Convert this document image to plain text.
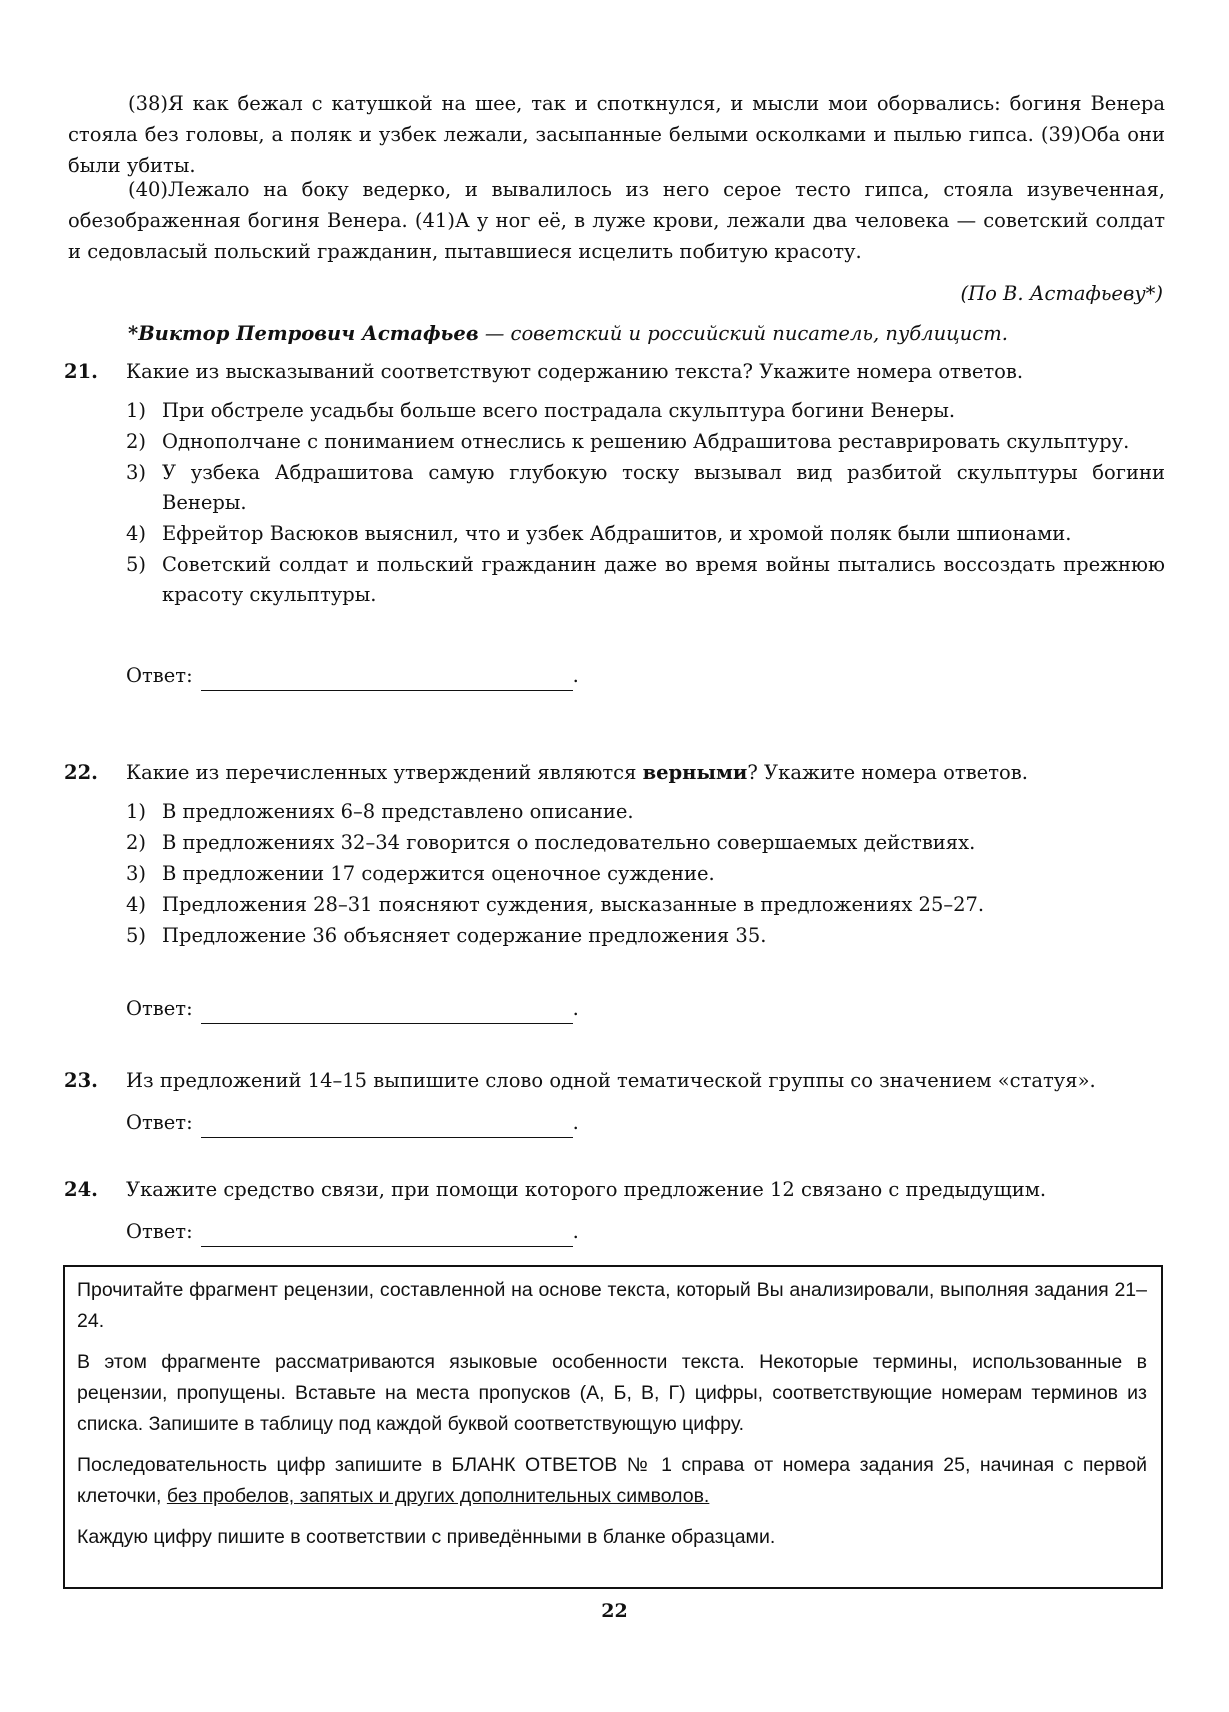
(38)Я как бежал с катушкой на шее, так и споткнулся, и мысли мои оборвались: богиня Венера стояла без головы, а поляк и узбек лежали, засыпанные белыми осколками и пылью гипса. (39)Оба они были убиты.

(40)Лежало на боку ведерко, и вывалилось из него серое тесто гипса, стояла изувеченная, обезображенная богиня Венера. (41)А у ног её, в луже крови, лежали два человека — советский солдат и седовласый польский гражданин, пытавшиеся исцелить побитую красоту.

(По В. Астафьеву*)
*Виктор Петрович Астафьев — советский и российский писатель, публицист.
21. Какие из высказываний соответствуют содержанию текста? Укажите номера ответов.
1) При обстреле усадьбы больше всего пострадала скульптура богини Венеры.
2) Однополчане с пониманием отнеслись к решению Абдрашитова реставрировать скульптуру.
3) У узбека Абдрашитова самую глубокую тоску вызывал вид разбитой скульптуры богини Венеры.
4) Ефрейтор Васюков выяснил, что и узбек Абдрашитов, и хромой поляк были шпионами.
5) Советский солдат и польский гражданин даже во время войны пытались воссоздать прежнюю красоту скульптуры.
Ответ:	.
22. Какие из перечисленных утверждений являются верными? Укажите номера ответов.
1) В предложениях 6–8 представлено описание.
2) В предложениях 32–34 говорится о последовательно совершаемых действиях.
3) В предложении 17 содержится оценочное суждение.
4) Предложения 28–31 поясняют суждения, высказанные в предложениях 25–27.
5) Предложение 36 объясняет содержание предложения 35.
Ответ:	.
23. Из предложений 14–15 выпишите слово одной тематической группы со значением «статуя».
Ответ:	.
24. Укажите средство связи, при помощи которого предложение 12 связано с предыдущим.
Ответ:	.

Прочитайте фрагмент рецензии, составленной на основе текста, который Вы анализировали, выполняя задания 21–24.

В этом фрагменте рассматриваются языковые особенности текста. Некоторые термины, использованные в рецензии, пропущены. Вставьте на места пропусков (А, Б, В, Г) цифры, соответствующие номерам терминов из списка. Запишите в таблицу под каждой буквой соответствующую цифру.

Последовательность цифр запишите в БЛАНК ОТВЕТОВ № 1 справа от номера задания 25, начиная с первой клеточки, без пробелов, запятых и других дополнительных символов.

Каждую цифру пишите в соответствии с приведёнными в бланке образцами.

22
